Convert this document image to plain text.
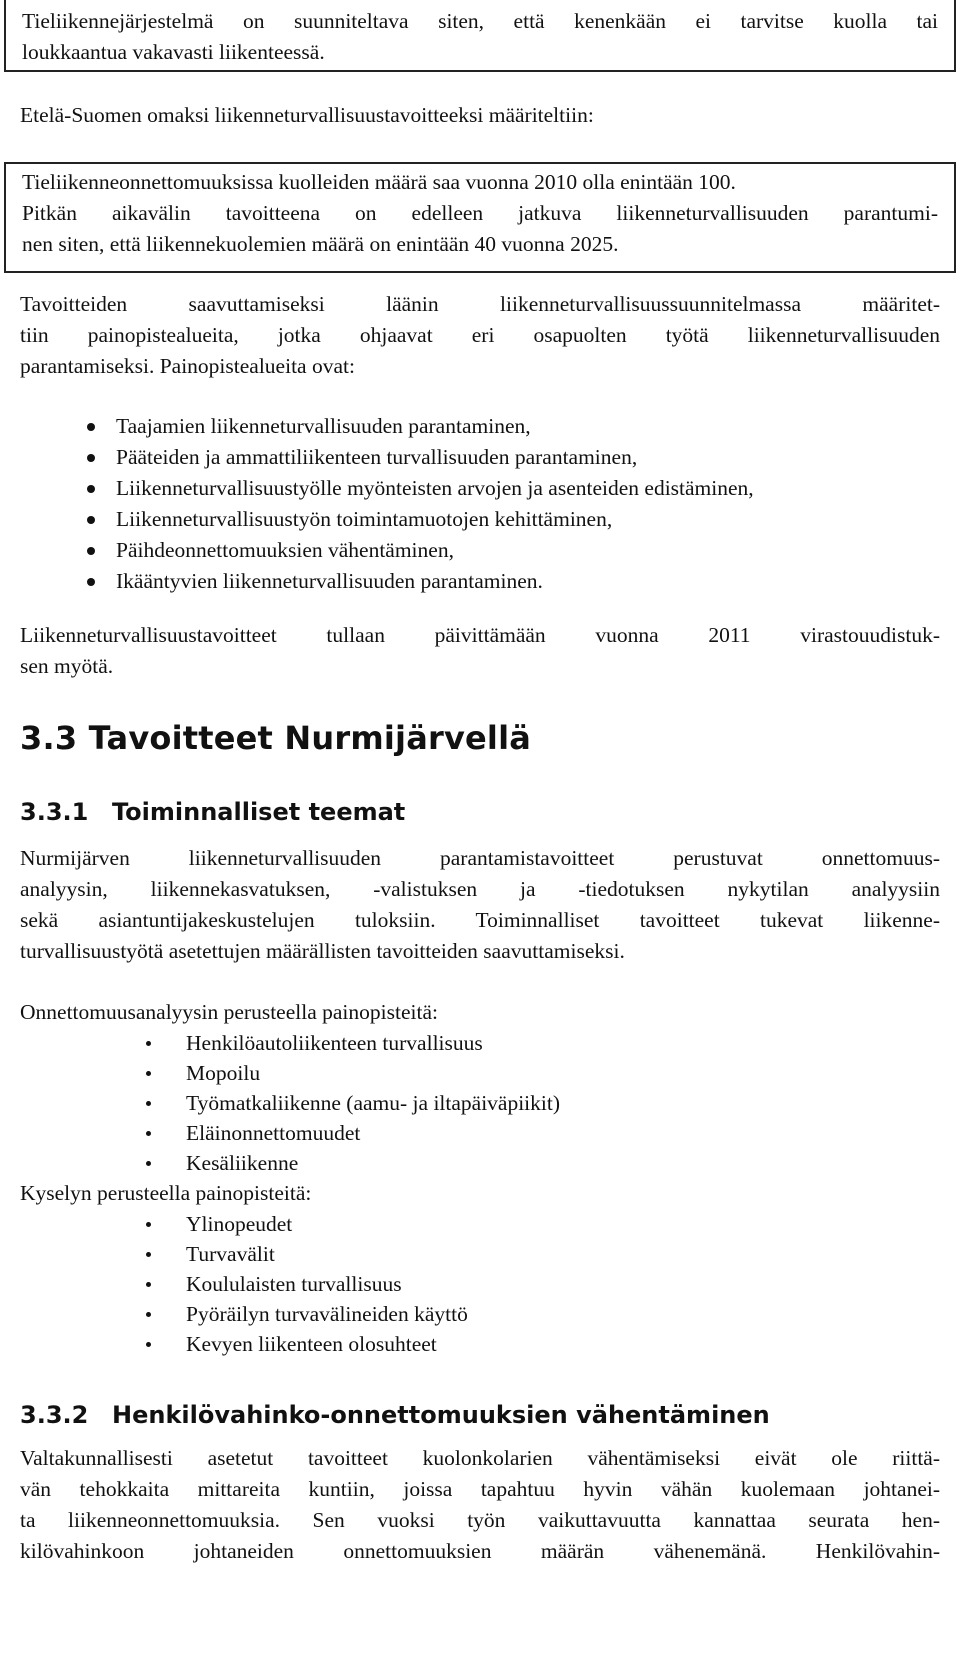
Tieliikennejärjestelmä on suunniteltava siten, että kenenkään ei tarvitse kuolla tai
loukkaantua vakavasti liikenteessä.

Etelä-Suomen omaksi liikenneturvallisuustavoitteeksi määriteltiin:

Tieliikenneonnettomuuksissa kuolleiden määrä saa vuonna 2010 olla enintään 100.
Pitkän aikavälin tavoitteena on edelleen jatkuva liikenneturvallisuuden parantumi-
nen siten, että liikennekuolemien määrä on enintään 40 vuonna 2025.
Tavoitteiden saavuttamiseksi läänin liikenneturvallisuussuunnitelmassa määritet-
tiin painopistealueita, jotka ohjaavat eri osapuolten työtä liikenneturvallisuuden
parantamiseksi. Painopistealueita ovat:
Taajamien liikenneturvallisuuden parantaminen,
Pääteiden ja ammattiliikenteen turvallisuuden parantaminen,
Liikenneturvallisuustyölle myönteisten arvojen ja asenteiden edistäminen,
Liikenneturvallisuustyön toimintamuotojen kehittäminen,
Päihdeonnettomuuksien vähentäminen,
Ikääntyvien liikenneturvallisuuden parantaminen.
Liikenneturvallisuustavoitteet tullaan päivittämään vuonna 2011 virastouudistuk-
sen myötä.
3.3 Tavoitteet Nurmijärvellä
3.3.1 Toiminnalliset teemat
Nurmijärven liikenneturvallisuuden parantamistavoitteet perustuvat onnettomuus-
analyysin, liikennekasvatuksen, -valistuksen ja -tiedotuksen nykytilan analyysiin
sekä asiantuntijakeskustelujen tuloksiin. Toiminnalliset tavoitteet tukevat liikenne-
turvallisuustyötä asetettujen määrällisten tavoitteiden saavuttamiseksi.

Onnettomuusanalyysin perusteella painopisteitä:

Henkilöautoliikenteen turvallisuus
Mopoilu
Työmatkaliikenne (aamu- ja iltapäiväpiikit)
Eläinonnettomuudet
Kesäliikenne

Kyselyn perusteella painopisteitä:

Ylinopeudet
Turvavälit
Koululaisten turvallisuus
Pyöräilyn turvavälineiden käyttö
Kevyen liikenteen olosuhteet
3.3.2 Henkilövahinko-onnettomuuksien vähentäminen
Valtakunnallisesti asetetut tavoitteet kuolonkolarien vähentämiseksi eivät ole riittä-
vän tehokkaita mittareita kuntiin, joissa tapahtuu hyvin vähän kuolemaan johtanei-
ta liikenneonnettomuuksia. Sen vuoksi työn vaikuttavuutta kannattaa seurata hen-
kilövahinkoon johtaneiden onnettomuuksien määrän vähenemänä. Henkilövahin-
